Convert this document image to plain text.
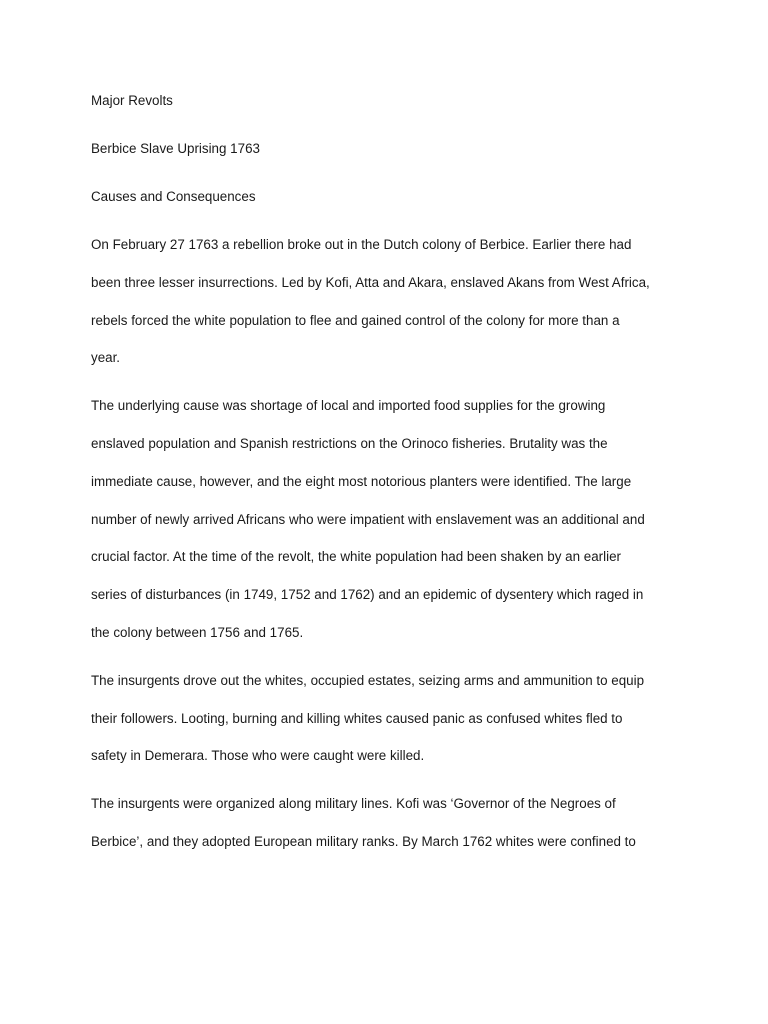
Major Revolts

Berbice Slave Uprising 1763

Causes and Consequences

On February 27 1763 a rebellion broke out in the Dutch colony of Berbice. Earlier there had
been three lesser insurrections. Led by Kofi, Atta and Akara, enslaved Akans from West Africa,
rebels forced the white population to flee and gained control of the colony for more than a
year.
The underlying cause was shortage of local and imported food supplies for the growing
enslaved population and Spanish restrictions on the Orinoco fisheries. Brutality was the
immediate cause, however, and the eight most notorious planters were identified. The large
number of newly arrived Africans who were impatient with enslavement was an additional and
crucial factor. At the time of the revolt, the white population had been shaken by an earlier
series of disturbances (in 1749, 1752 and 1762) and an epidemic of dysentery which raged in
the colony between 1756 and 1765.
The insurgents drove out the whites, occupied estates, seizing arms and ammunition to equip
their followers. Looting, burning and killing whites caused panic as confused whites fled to
safety in Demerara. Those who were caught were killed.
The insurgents were organized along military lines. Kofi was ‘Governor of the Negroes of
Berbice’, and they adopted European military ranks. By March 1762 whites were confined to
